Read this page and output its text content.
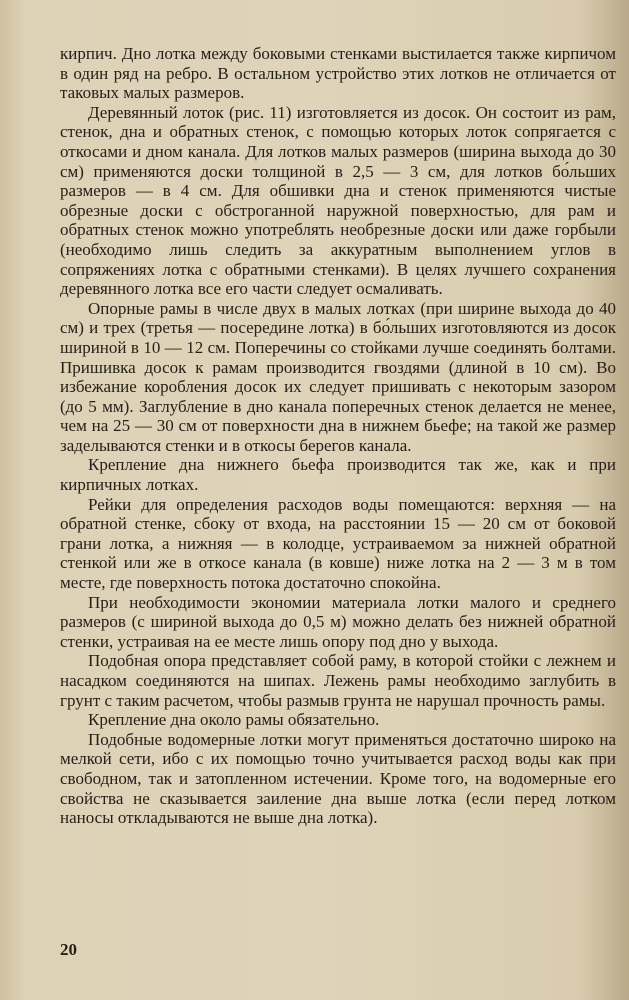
кирпич. Дно лотка между боковыми стенками выстилается также кирпичом в один ряд на ребро. В остальном устройство этих лотков не отличается от таковых малых размеров.

Деревянный лоток (рис. 11) изготовляется из досок. Он состоит из рам, стенок, дна и обратных стенок, с помощью которых лоток сопрягается с откосами и дном канала. Для лотков малых размеров (ширина выхода до 30 см) применяются доски толщиной в 2,5 — 3 см, для лотков бо́льших размеров — в 4 см. Для обшивки дна и стенок применяются чистые обрезные доски с обстроганной наружной поверхностью, для рам и обратных стенок можно употреблять необрезные доски или даже горбыли (необходимо лишь следить за аккуратным выполнением углов в сопряжениях лотка с обратными стенками). В целях лучшего сохранения деревянного лотка все его части следует осмаливать.

Опорные рамы в числе двух в малых лотках (при ширине выхода до 40 см) и трех (третья — посередине лотка) в бо́льших изготовляются из досок шириной в 10 — 12 см. Поперечины со стойками лучше соединять болтами. Пришивка досок к рамам производится гвоздями (длиной в 10 см). Во избежание коробления досок их следует пришивать с некоторым зазором (до 5 мм). Заглубление в дно канала поперечных стенок делается не менее, чем на 25 — 30 см от поверхности дна в нижнем бьефе; на такой же размер заделываются стенки и в откосы берегов канала.

Крепление дна нижнего бьефа производится так же, как и при кирпичных лотках.

Рейки для определения расходов воды помещаются: верхняя — на обратной стенке, сбоку от входа, на расстоянии 15 — 20 см от боковой грани лотка, а нижняя — в колодце, устраиваемом за нижней обратной стенкой или же в откосе канала (в ковше) ниже лотка на 2 — 3 м в том месте, где поверхность потока достаточно спокойна.

При необходимости экономии материала лотки малого и среднего размеров (с шириной выхода до 0,5 м) можно делать без нижней обратной стенки, устраивая на ее месте лишь опору под дно у выхода.

Подобная опора представляет собой раму, в которой стойки с лежнем и насадком соединяются на шипах. Лежень рамы необходимо заглубить в грунт с таким расчетом, чтобы размыв грунта не нарушал прочность рамы.

Крепление дна около рамы обязательно.

Подобные водомерные лотки могут применяться достаточно широко на мелкой сети, ибо с их помощью точно учитывается расход воды как при свободном, так и затопленном истечении. Кроме того, на водомерные его свойства не сказывается заиление дна выше лотка (если перед лотком наносы откладываются не выше дна лотка).

20
